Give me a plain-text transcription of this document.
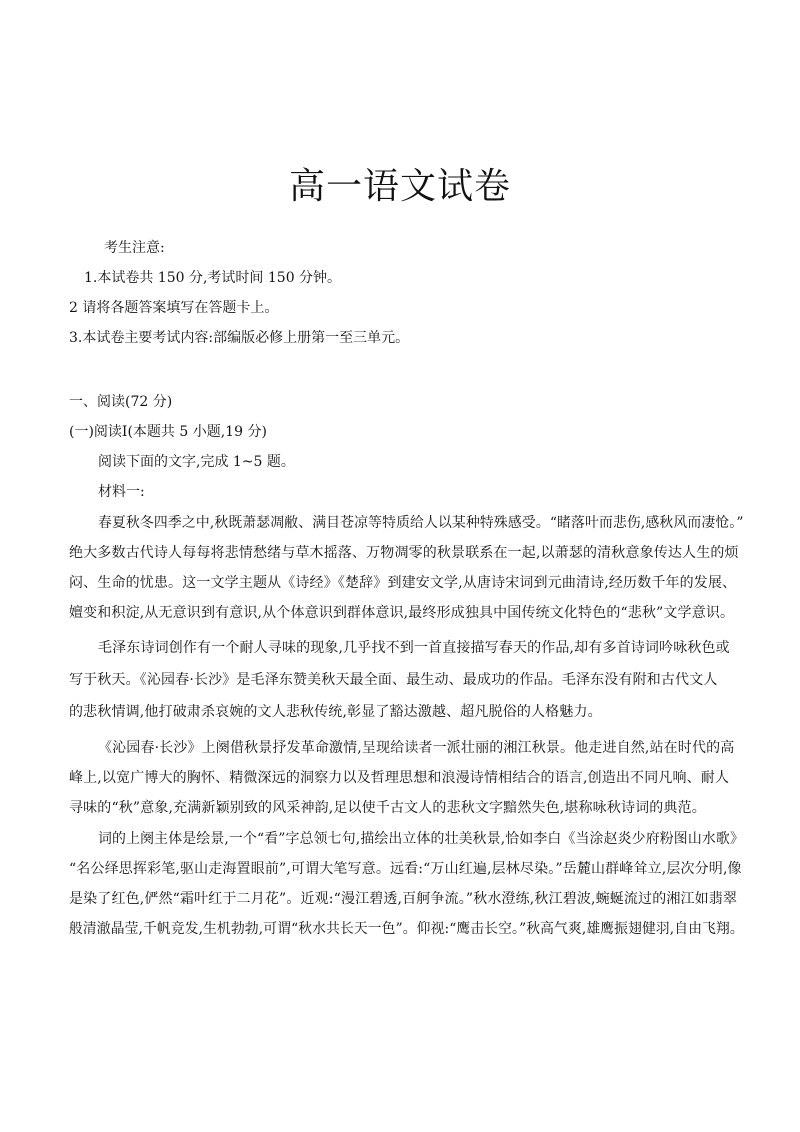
高一语文试卷
考生注意:
1.本试卷共 150 分,考试时间 150 分钟。
2 请将各题答案填写在答题卡上。
3.本试卷主要考试内容:部编版必修上册第一至三单元。
一、阅读(72 分)
(一)阅读I(本题共 5 小题,19 分)
阅读下面的文字,完成 1~5 题。
材料一:
春夏秋冬四季之中,秋既萧瑟凋敝、满目苍凉等特质给人以某种特殊感受。“睹落叶而悲伤,感秋风而凄怆。”
绝大多数古代诗人每每将悲情愁绪与草木摇落、万物凋零的秋景联系在一起,以萧瑟的清秋意象传达人生的烦
闷、生命的忧患。这一文学主题从《诗经》《楚辞》到建安文学,从唐诗宋词到元曲清诗,经历数千年的发展、
嬗变和积淀,从无意识到有意识,从个体意识到群体意识,最终形成独具中国传统文化特色的“悲秋”文学意识。
毛泽东诗词创作有一个耐人寻味的现象,几乎找不到一首直接描写春天的作品,却有多首诗词吟咏秋色或
写于秋天。《沁园春·长沙》是毛泽东赞美秋天最全面、最生动、最成功的作品。毛泽东没有附和古代文人
的悲秋情调,他打破肃杀哀婉的文人悲秋传统,彰显了豁达激越、超凡脱俗的人格魅力。
《沁园春·长沙》上阕借秋景抒发革命激情,呈现给读者一派壮丽的湘江秋景。他走进自然,站在时代的高
峰上,以宽广博大的胸怀、精微深远的洞察力以及哲理思想和浪漫诗情相结合的语言,创造出不同凡响、耐人
寻味的“秋”意象,充满新颖别致的风采神韵,足以使千古文人的悲秋文字黯然失色,堪称咏秋诗词的典范。
词的上阕主体是绘景,一个“看”字总领七句,描绘出立体的壮美秋景,恰如李白《当涂赵炎少府粉图山水歌》
“名公绎思挥彩笔,驱山走海置眼前”,可谓大笔写意。远看:“万山红遍,层林尽染。”岳麓山群峰耸立,层次分明,像
是染了红色,俨然“霜叶红于二月花”。近观:“漫江碧透,百舸争流。”秋水澄练,秋江碧波,蜿蜒流过的湘江如翡翠
般清澈晶莹,千帆竞发,生机勃勃,可谓“秋水共长天一色”。仰视:“鹰击长空。”秋高气爽,雄鹰振翅健羽,自由飞翔。
